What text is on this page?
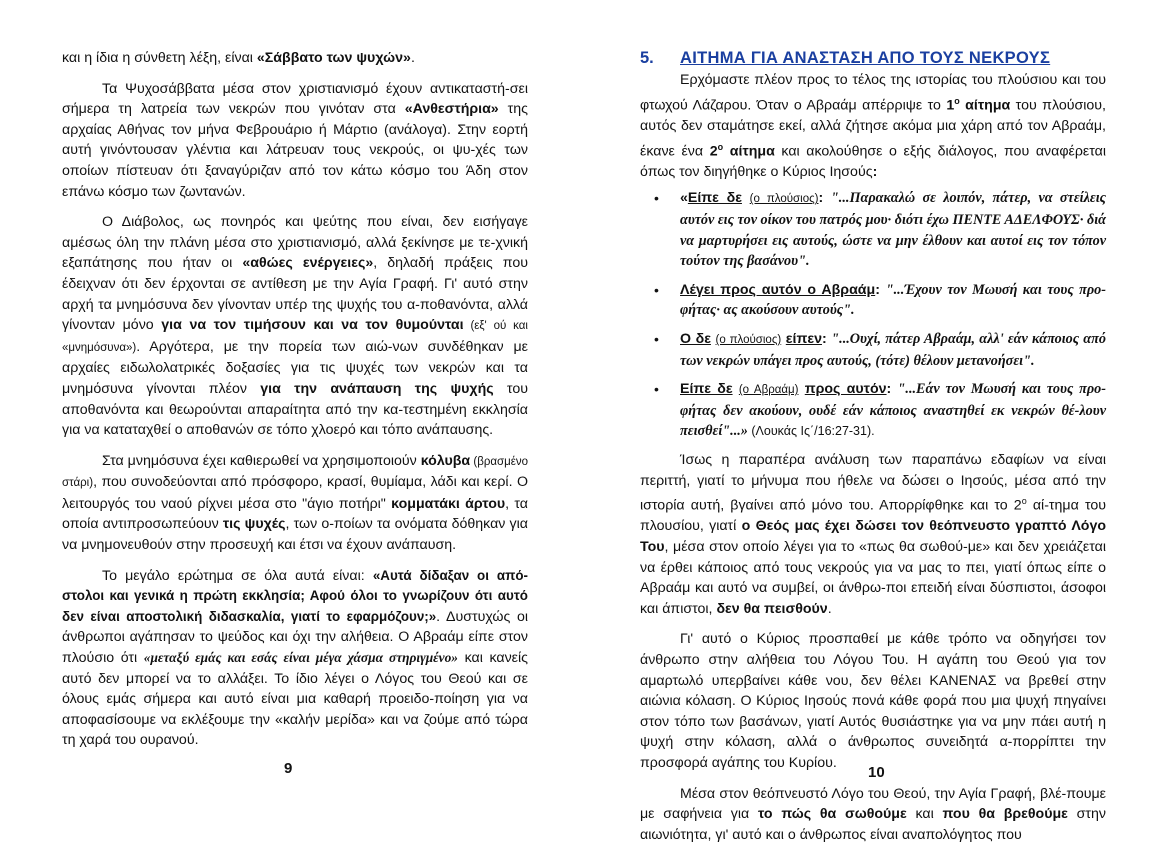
και η ίδια η σύνθετη λέξη, είναι «Σάββατο των ψυχών».

Τα Ψυχοσάββατα μέσα στον χριστιανισμό έχουν αντικαταστή-σει σήμερα τη λατρεία των νεκρών που γινόταν στα «Ανθεστήρια» της αρχαίας Αθήνας τον μήνα Φεβρουάριο ή Μάρτιο (ανάλογα). Στην εορτή αυτή γινόντουσαν γλέντια και λάτρευαν τους νεκρούς, οι ψυ-χές των οποίων πίστευαν ότι ξαναγύριζαν από τον κάτω κόσμο του Άδη στον επάνω κόσμο των ζωντανών.

Ο Διάβολος, ως πονηρός και ψεύτης που είναι, δεν εισήγαγε αμέσως όλη την πλάνη μέσα στο χριστιανισμό, αλλά ξεκίνησε με τε-χνική εξαπάτησης που ήταν οι «αθώες ενέργειες», δηλαδή πράξεις που έδειχναν ότι δεν έρχονται σε αντίθεση με την Αγία Γραφή. Γι' αυτό στην αρχή τα μνημόσυνα δεν γίνονταν υπέρ της ψυχής του α-ποθανόντα, αλλά γίνονταν μόνο για να τον τιμήσουν και να τον θυμούνται (εξ' ού και «μνημόσυνα»). Αργότερα, με την πορεία των αιώ-νων συνδέθηκαν με αρχαίες ειδωλολατρικές δοξασίες για τις ψυχές των νεκρών και τα μνημόσυνα γίνονται πλέον για την ανάπαυση της ψυχής του αποθανόντα και θεωρούνται απαραίτητα από την κα-τεστημένη εκκλησία για να καταταχθεί ο αποθανών σε τόπο χλοερό και τόπο ανάπαυσης.

Στα μνημόσυνα έχει καθιερωθεί να χρησιμοποιούν κόλυβα (βρασμένο στάρι), που συνοδεύονται από πρόσφορο, κρασί, θυμίαμα, λάδι και κερί. Ο λειτουργός του ναού ρίχνει μέσα στο "άγιο ποτήρι" κομματάκι άρτου, τα οποία αντιπροσωπεύουν τις ψυχές, των ο-ποίων τα ονόματα δόθηκαν για να μνημονευθούν στην προσευχή και έτσι να έχουν ανάπαυση.

Το μεγάλο ερώτημα σε όλα αυτά είναι: «Αυτά δίδαξαν οι από-στολοι και γενικά η πρώτη εκκλησία; Αφού όλοι το γνωρίζουν ότι αυτό δεν είναι αποστολική διδασκαλία, γιατί το εφαρμόζουν;». Δυστυχώς οι άνθρωποι αγάπησαν το ψεύδος και όχι την αλήθεια. Ο Αβραάμ είπε στον πλούσιο ότι «μεταξύ εμάς και εσάς είναι μέγα χάσμα στηριγμένο» και κανείς αυτό δεν μπορεί να το αλλάξει. Το ίδιο λέγει ο Λόγος του Θεού και σε όλους εμάς σήμερα και αυτό είναι μια καθαρή προειδο-ποίηση για να αποφασίσουμε να εκλέξουμε την «καλήν μερίδα» και να ζούμε από τώρα τη χαρά του ουρανού.

9
5.	ΑΙΤΗΜΑ ΓΙΑ ΑΝΑΣΤΑΣΗ ΑΠΟ ΤΟΥΣ ΝΕΚΡΟΥΣ

Ερχόμαστε πλέον προς το τέλος της ιστορίας του πλούσιου και του φτωχού Λάζαρου. Όταν ο Αβραάμ απέρριψε το $1^o$ αίτημα του πλούσιου, αυτός δεν σταμάτησε εκεί, αλλά ζήτησε ακόμα μια χάρη από τον Αβραάμ, έκανε ένα $2^o$ αίτημα και ακολούθησε ο εξής διάλογος, που αναφέρεται όπως τον διηγήθηκε ο Κύριος Ιησούς:

• «Είπε δε (ο πλούσιος): "...Παρακαλώ σε λοιπόν, πάτερ, να στείλεις αυτόν εις τον οίκον του πατρός μου· διότι έχω ΠΕΝΤΕ ΑΔΕΛΦΟΥΣ· διά να μαρτυρήσει εις αυτούς, ώστε να μην έλθουν και αυτοί εις τον τόπον τούτον της βασάνου".
• Λέγει προς αυτόν ο Αβραάμ: "...Έχουν τον Μωυσή και τους προ-φήτας· ας ακούσουν αυτούς".
• Ο δε (ο πλούσιος) είπεν: "...Ουχί, πάτερ Αβραάμ, αλλ' εάν κάποιος από των νεκρών υπάγει προς αυτούς, (τότε) θέλουν μετανοήσει".
• Είπε δε (ο Αβραάμ) προς αυτόν: "...Εάν τον Μωυσή και τους προ-φήτας δεν ακούουν, ουδέ εάν κάποιος αναστηθεί εκ νεκρών θέ-λουν πεισθεί"...» (Λουκάς Ις΄/16:27-31).

Ίσως η παραπέρα ανάλυση των παραπάνω εδαφίων να είναι περιττή, γιατί το μήνυμα που ήθελε να δώσει ο Ιησούς, μέσα από την ιστορία αυτή, βγαίνει από μόνο του. Απορρίφθηκε και το $2^o$ αί-τημα του πλουσίου, γιατί ο Θεός μας έχει δώσει τον θεόπνευστο γραπτό Λόγο Του, μέσα στον οποίο λέγει για το «πως θα σωθού-με» και δεν χρειάζεται να έρθει κάποιος από τους νεκρούς για να μας το πει, γιατί όπως είπε ο Αβραάμ και αυτό να συμβεί, οι άνθρω-ποι επειδή είναι δύσπιστοι, άσοφοι και άπιστοι, δεν θα πεισθούν.

Γι' αυτό ο Κύριος προσπαθεί με κάθε τρόπο να οδηγήσει τον άνθρωπο στην αλήθεια του Λόγου Του. Η αγάπη του Θεού για τον αμαρτωλό υπερβαίνει κάθε νου, δεν θέλει ΚΑΝΕΝΑΣ να βρεθεί στην αιώνια κόλαση. Ο Κύριος Ιησούς πονά κάθε φορά που μια ψυχή πηγαίνει στον τόπο των βασάνων, γιατί Αυτός θυσιάστηκε για να μην πάει αυτή η ψυχή στην κόλαση, αλλά ο άνθρωπος συνειδητά α-πορρίπτει την προσφορά αγάπης του Κυρίου.

Μέσα στον θεόπνευστό Λόγο του Θεού, την Αγία Γραφή, βλέ-πουμε με σαφήνεια για το πώς θα σωθούμε και που θα βρεθούμε στην αιωνιότητα, γι' αυτό και ο άνθρωπος είναι αναπολόγητος που

10
